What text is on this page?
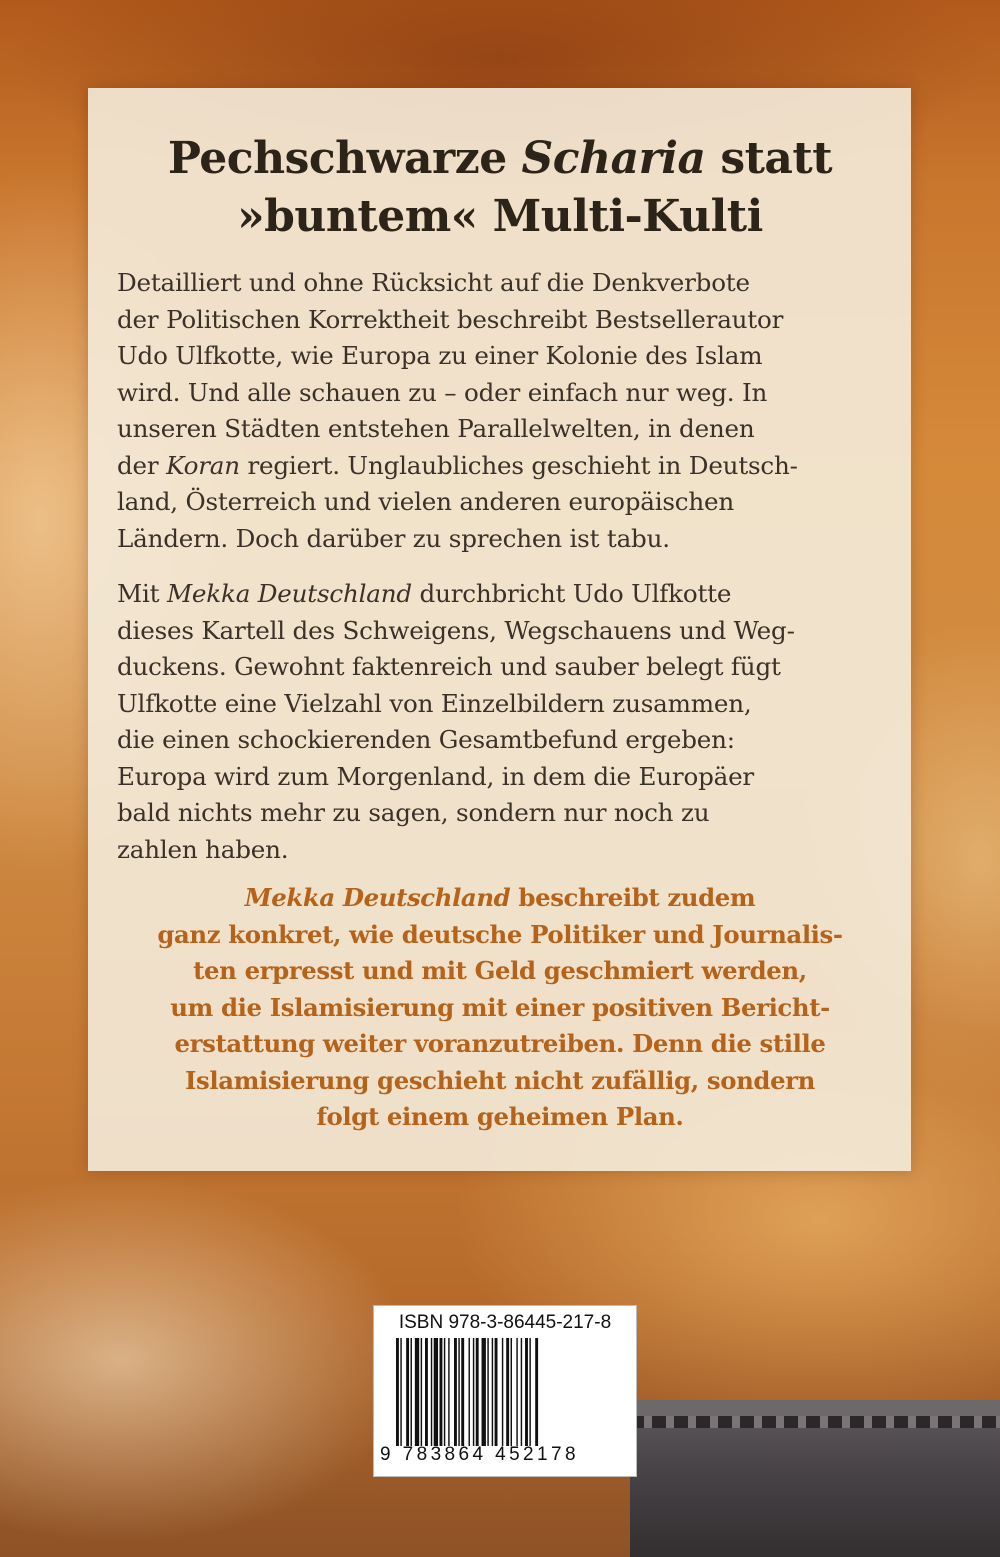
Pechschwarze Scharia statt
»buntem« Multi-Kulti
Detailliert und ohne Rücksicht auf die Denkverbote
der Politischen Korrektheit beschreibt Bestsellerautor
Udo Ulfkotte, wie Europa zu einer Kolonie des Islam
wird. Und alle schauen zu – oder einfach nur weg. In
unseren Städten entstehen Parallelwelten, in denen
der Koran regiert. Unglaubliches geschieht in Deutsch-
land, Österreich und vielen anderen europäischen
Ländern. Doch darüber zu sprechen ist tabu.
Mit Mekka Deutschland durchbricht Udo Ulfkotte
dieses Kartell des Schweigens, Wegschauens und Weg-
duckens. Gewohnt faktenreich und sauber belegt fügt
Ulfkotte eine Vielzahl von Einzelbildern zusammen,
die einen schockierenden Gesamtbefund ergeben:
Europa wird zum Morgenland, in dem die Europäer
bald nichts mehr zu sagen, sondern nur noch zu
zahlen haben.
Mekka Deutschland beschreibt zudem
ganz konkret, wie deutsche Politiker und Journalis-
ten erpresst und mit Geld geschmiert werden,
um die Islamisierung mit einer positiven Bericht-
erstattung weiter voranzutreiben. Denn die stille
Islamisierung geschieht nicht zufällig, sondern
folgt einem geheimen Plan.
ISBN 978-3-86445-217-8
9 783864 452178
